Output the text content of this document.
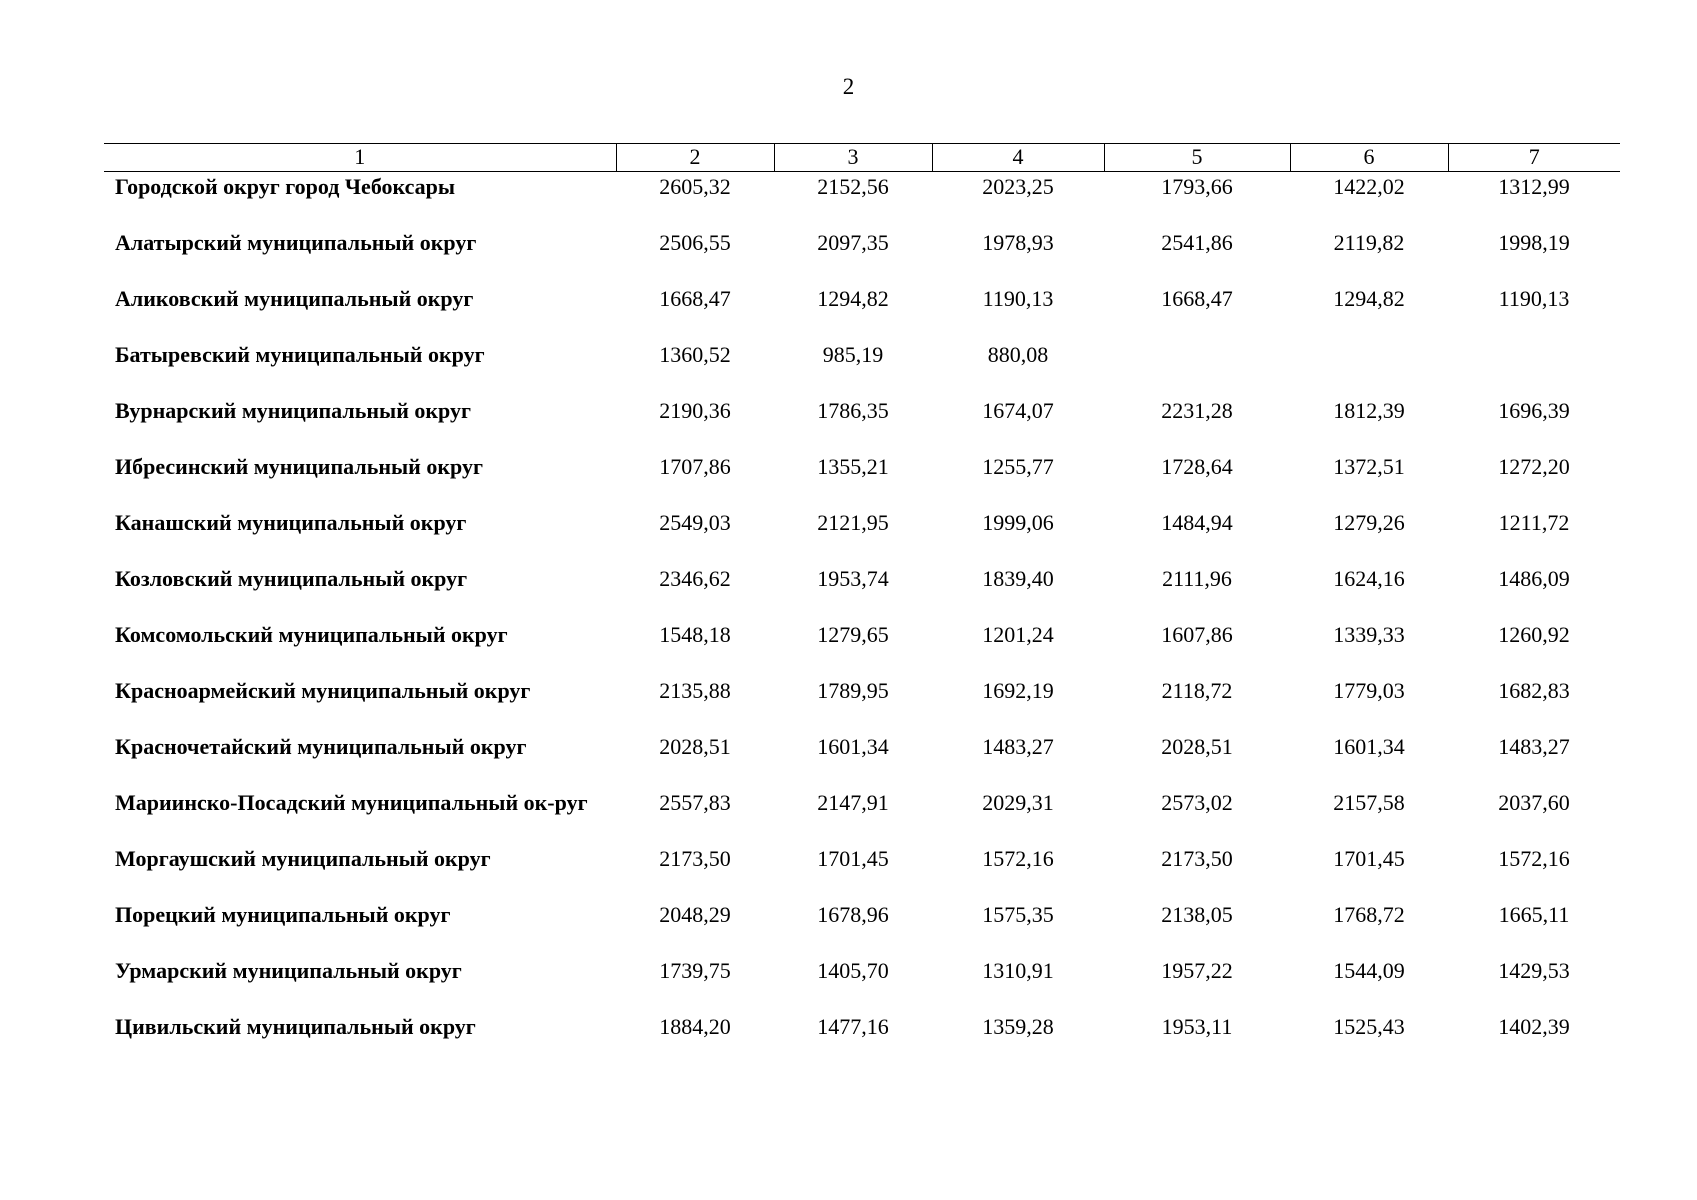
2
1	2	3	4	5	6	7
Городской округ город Чебоксары	2605,32	2152,56	2023,25	1793,66	1422,02	1312,99
Алатырский муниципальный округ	2506,55	2097,35	1978,93	2541,86	2119,82	1998,19
Аликовский муниципальный округ	1668,47	1294,82	1190,13	1668,47	1294,82	1190,13
Батыревский муниципальный округ	1360,52	985,19	880,08			
Вурнарский муниципальный округ	2190,36	1786,35	1674,07	2231,28	1812,39	1696,39
Ибресинский муниципальный округ	1707,86	1355,21	1255,77	1728,64	1372,51	1272,20
Канашский муниципальный округ	2549,03	2121,95	1999,06	1484,94	1279,26	1211,72
Козловский муниципальный округ	2346,62	1953,74	1839,40	2111,96	1624,16	1486,09
Комсомольский муниципальный округ	1548,18	1279,65	1201,24	1607,86	1339,33	1260,92
Красноармейский муниципальный округ	2135,88	1789,95	1692,19	2118,72	1779,03	1682,83
Красночетайский муниципальный округ	2028,51	1601,34	1483,27	2028,51	1601,34	1483,27
Мариинско-Посадский муниципальный ок-руг	2557,83	2147,91	2029,31	2573,02	2157,58	2037,60
Моргаушский муниципальный округ	2173,50	1701,45	1572,16	2173,50	1701,45	1572,16
Порецкий муниципальный округ	2048,29	1678,96	1575,35	2138,05	1768,72	1665,11
Урмарский муниципальный округ	1739,75	1405,70	1310,91	1957,22	1544,09	1429,53
Цивильский муниципальный округ	1884,20	1477,16	1359,28	1953,11	1525,43	1402,39
